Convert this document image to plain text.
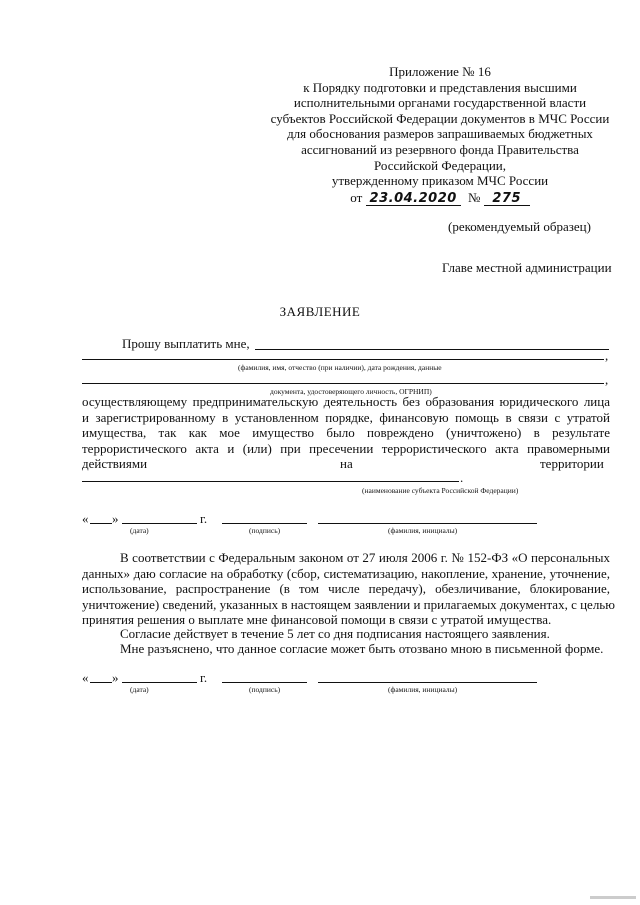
Приложение № 16
к Порядку подготовки и представления высшими
исполнительными органами государственной власти
субъектов Российской Федерации документов в МЧС России
для обоснования размеров запрашиваемых бюджетных
ассигнований из резервного фонда Правительства
Российской Федерации,
утвержденному приказом МЧС России
от 23.04.2020 № 275
(рекомендуемый образец)
Главе местной администрации
ЗАЯВЛЕНИЕ
Прошу выплатить мне,
,
(фамилия, имя, отчество (при наличии), дата рождения, данные
,
документа, удостоверяющего личность, ОГРНИП)
осуществляющему предпринимательскую деятельность без образования юридического лица
и зарегистрированному в установленном порядке, финансовую помощь в связи с утратой
имущества, так как мое имущество было повреждено (уничтожено) в результате
террористического акта и (или) при пресечении террористического акта правомерными
действиями	на	территории
.
(наименование субъекта Российской Федерации)
« »	г.
(дата)	(подпись)	(фамилия, инициалы)
В соответствии с Федеральным законом от 27 июля 2006 г. № 152-ФЗ «О персональных
данных» даю согласие на обработку (сбор, систематизацию, накопление, хранение, уточнение,
использование, распространение (в том числе передачу), обезличивание, блокирование,
уничтожение) сведений, указанных в настоящем заявлении и прилагаемых документах, с целью
принятия решения о выплате мне финансовой помощи в связи с утратой имущества.
Согласие действует в течение 5 лет со дня подписания настоящего заявления.
Мне разъяснено, что данное согласие может быть отозвано мною в письменной форме.
« »	г.
(дата)	(подпись)	(фамилия, инициалы)
